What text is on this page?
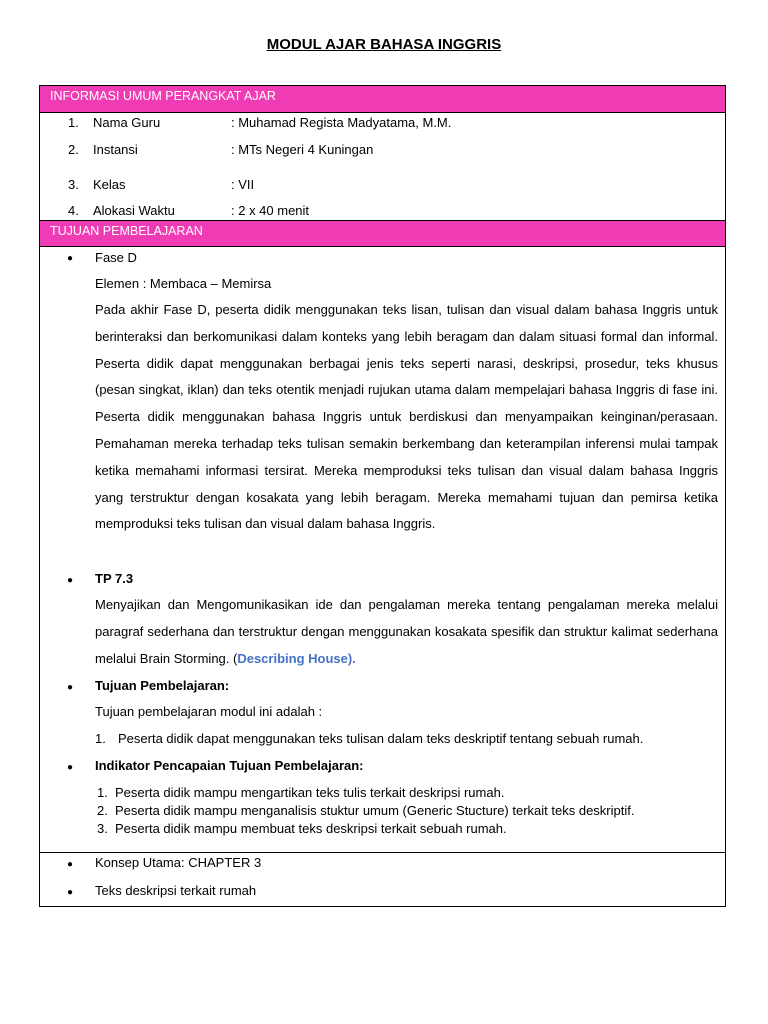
MODUL AJAR BAHASA INGGRIS
INFORMASI UMUM PERANGKAT AJAR
1. Nama Guru	: Muhamad Regista Madyatama, M.M.
2. Instansi	: MTs Negeri 4 Kuningan
3. Kelas	: VII
4. Alokasi Waktu	: 2 x 40 menit
TUJUAN PEMBELAJARAN
● Fase D
Elemen : Membaca – Memirsa
Pada akhir Fase D, peserta didik menggunakan teks lisan, tulisan dan visual dalam bahasa Inggris untuk berinteraksi dan berkomunikasi dalam konteks yang lebih beragam dan dalam situasi formal dan informal. Peserta didik dapat menggunakan berbagai jenis teks seperti narasi, deskripsi, prosedur, teks khusus (pesan singkat, iklan) dan teks otentik menjadi rujukan utama dalam mempelajari bahasa Inggris di fase ini. Peserta didik menggunakan bahasa Inggris untuk berdiskusi dan menyampaikan keinginan/perasaan. Pemahaman mereka terhadap teks tulisan semakin berkembang dan keterampilan inferensi mulai tampak ketika memahami informasi tersirat. Mereka memproduksi teks tulisan dan visual dalam bahasa Inggris yang terstruktur dengan kosakata yang lebih beragam. Mereka memahami tujuan dan pemirsa ketika memproduksi teks tulisan dan visual dalam bahasa Inggris.
● TP 7.3
Menyajikan dan Mengomunikasikan ide dan pengalaman mereka tentang pengalaman mereka melalui paragraf sederhana dan terstruktur dengan menggunakan kosakata spesifik dan struktur kalimat sederhana melalui Brain Storming. (Describing House).
● Tujuan Pembelajaran:
Tujuan pembelajaran modul ini adalah :
1. Peserta didik dapat menggunakan teks tulisan dalam teks deskriptif tentang sebuah rumah.
● Indikator Pencapaian Tujuan Pembelajaran:
1. Peserta didik mampu mengartikan teks tulis terkait deskripsi rumah.
2. Peserta didik mampu menganalisis stuktur umum (Generic Stucture) terkait teks deskriptif.
3. Peserta didik mampu membuat teks deskripsi terkait sebuah rumah.
● Konsep Utama: CHAPTER 3
● Teks deskripsi terkait rumah
